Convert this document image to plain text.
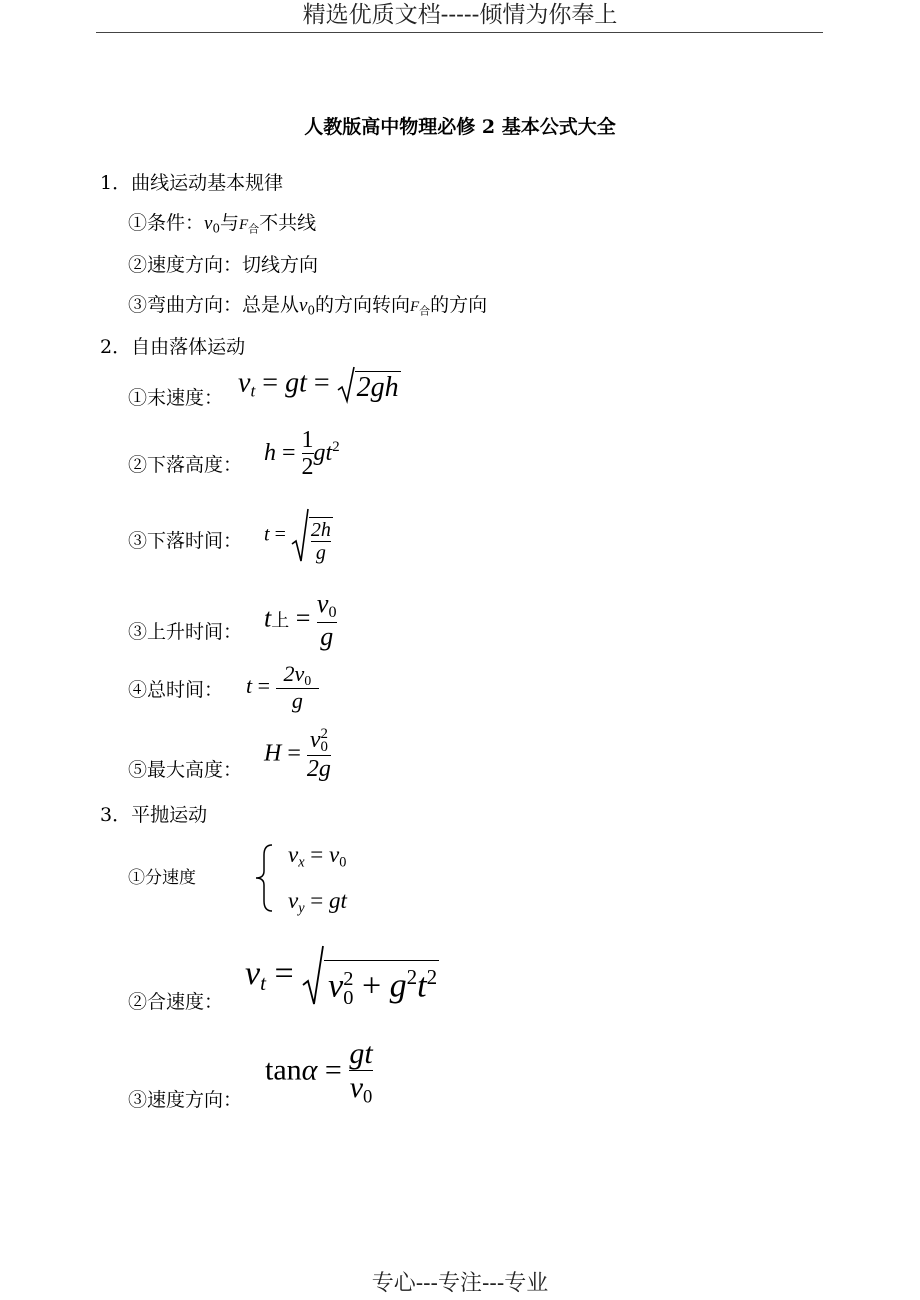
精选优质文档-----倾情为你奉上
人教版高中物理必修 2 基本公式大全
1．曲线运动基本规律
①条件：$v_0$与$F_合$不共线
②速度方向：切线方向
③弯曲方向：总是从$v_0$的方向转向$F_合$的方向
2．自由落体运动
①末速度： vt = gt = 2gh
②下落高度： $h = \frac{1}{2} gt^2$
③下落时间： $t = \frac{2h}{g}$
③上升时间： t上 = $\frac{v_0}{g}$
④总时间： $t = \frac{2v_0}{g}$
⑤最大高度：
H = v 2
0
2g
3．平抛运动
①分速度
vx = $v_0$
vy = gt
②合速度：
vt = v 2
$0 + g^2t^2$
③速度方向：
$\tan\alpha = \frac{gt}{v_0}$
专心---专注---专业
